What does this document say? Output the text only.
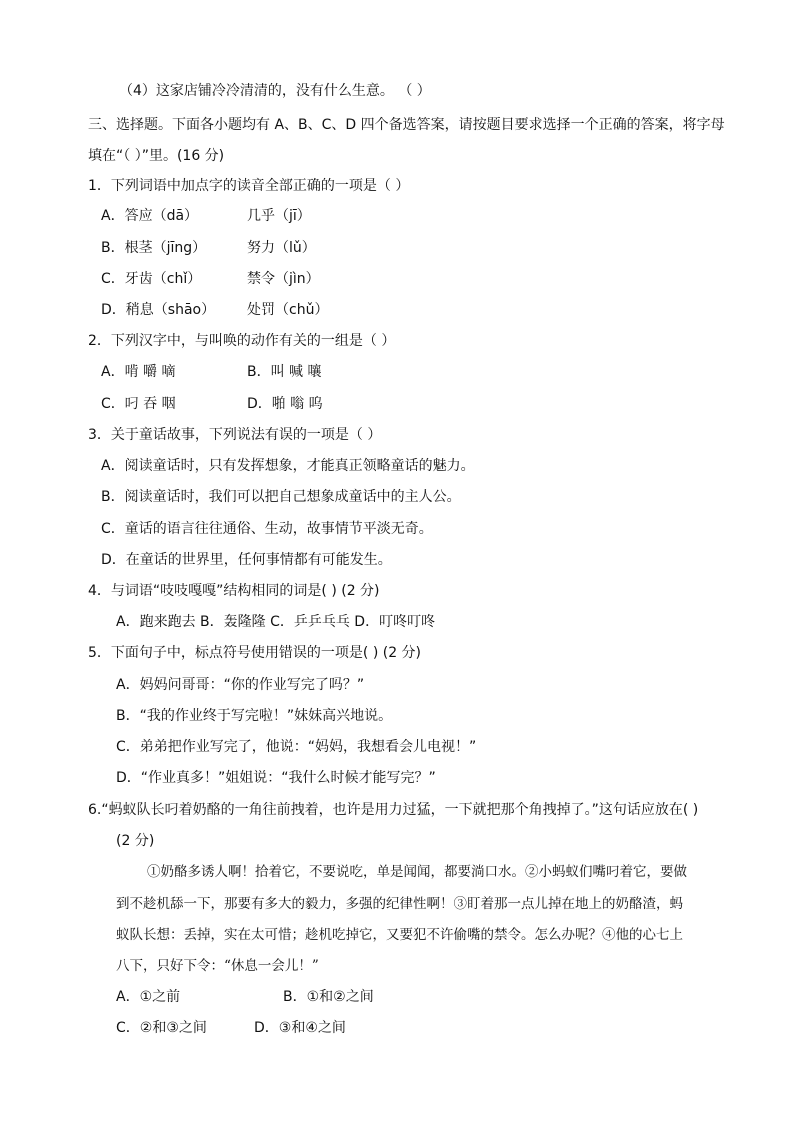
（4）这家店铺冷冷清清的，没有什么生意。 （ ）
三、选择题。下面各小题均有 A、B、C、D 四个备选答案，请按题目要求选择一个正确的答案，将字母
填在“（ ）”里。(16 分)
1．下列词语中加点字的读音全部正确的一项是（ ）
A．答应（dā）	几乎（jī）
B．根茎（jīng）	努力（lǔ）
C．牙齿（chǐ）	禁令（jìn）
D．稍息（shāo） 处罚（chǔ）
2．下列汉字中，与叫唤的动作有关的一组是（ ）
A．啃 嚼 嘀	B．叫 喊 嚷
C．叼 吞 咽	D．啪 嗡 呜
3．关于童话故事，下列说法有误的一项是（ ）
A．阅读童话时，只有发挥想象，才能真正领略童话的魅力。
B．阅读童话时，我们可以把自己想象成童话中的主人公。
C．童话的语言往往通俗、生动，故事情节平淡无奇。
D．在童话的世界里，任何事情都有可能发生。
4．与词语“吱吱嘎嘎”结构相同的词是( ) (2 分)
A．跑来跑去 B．轰隆隆 C．乒乒乓乓 D．叮咚叮咚
5．下面句子中，标点符号使用错误的一项是( ) (2 分)
A．妈妈问哥哥：“你的作业写完了吗？”
B．“我的作业终于写完啦！”妹妹高兴地说。
C．弟弟把作业写完了，他说：“妈妈，我想看会儿电视！”
D．“作业真多！”姐姐说：“我什么时候才能写完？”
6.“蚂蚁队长叼着奶酪的一角往前拽着，也许是用力过猛，一下就把那个角拽掉了。”这句话应放在( )
(2 分)
①奶酪多诱人啊！拾着它，不要说吃，单是闻闻，都要淌口水。②小蚂蚁们嘴叼着它，要做
到不趁机舔一下，那要有多大的毅力，多强的纪律性啊！③盯着那一点儿掉在地上的奶酪渣，蚂
蚁队长想：丢掉，实在太可惜；趁机吃掉它，又要犯不许偷嘴的禁令。怎么办呢？④他的心七上
八下，只好下令：“休息一会儿！”
A．①之前	B．①和②之间
C．②和③之间	D．③和④之间
